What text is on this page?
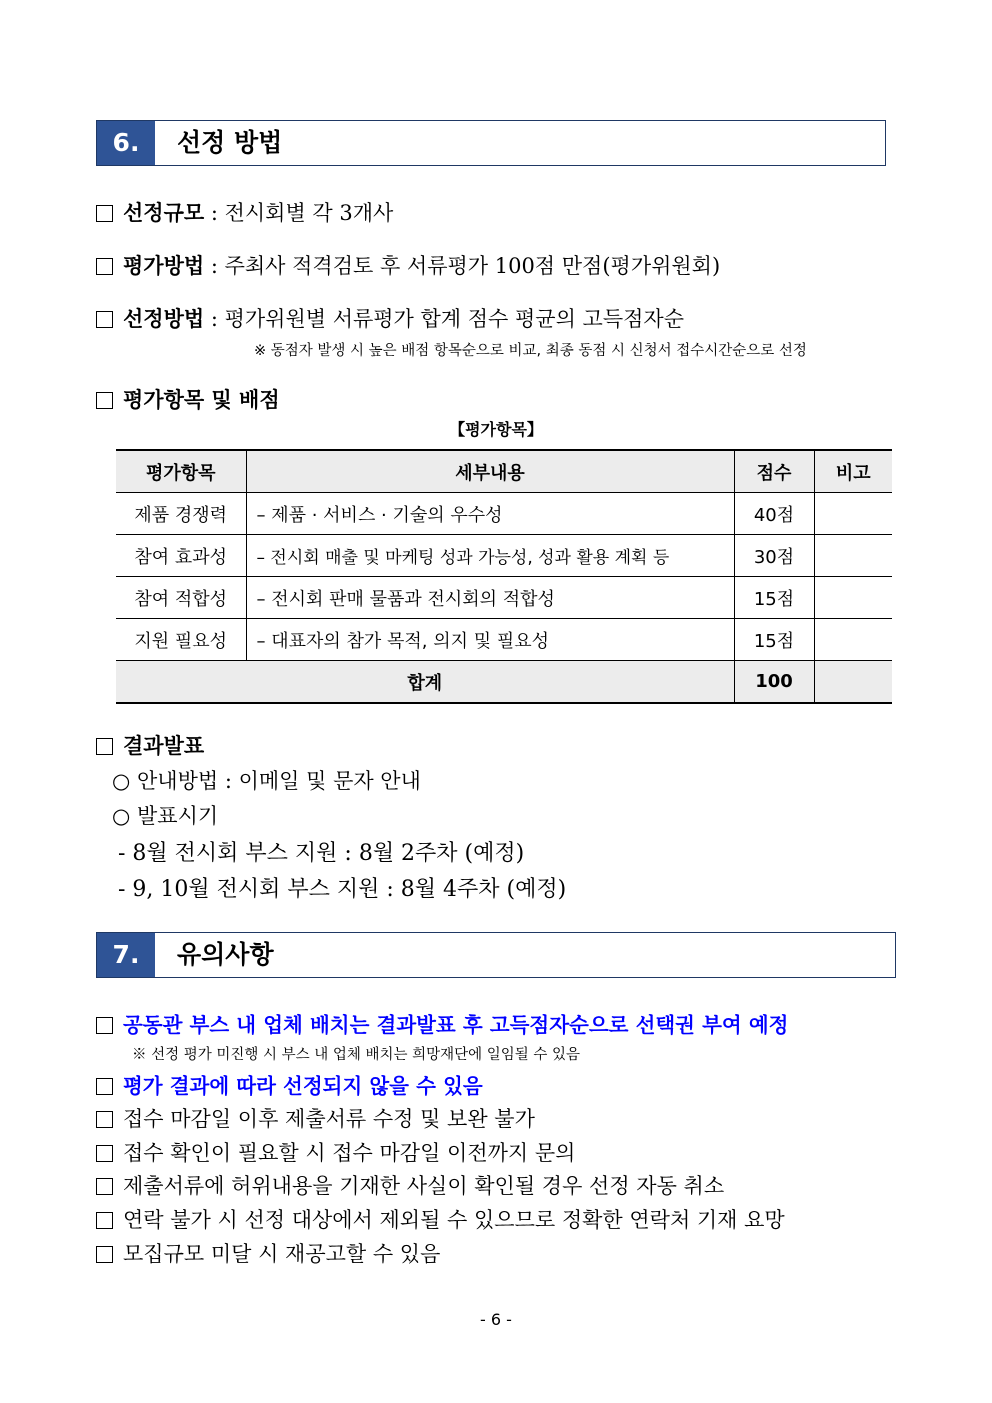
6.	선정 방법
선정규모 : 전시회별 각 3개사
평가방법 : 주최사 적격검토 후 서류평가 100점 만점(평가위원회)
선정방법 : 평가위원별 서류평가 합계 점수 평균의 고득점자순
※ 동점자 발생 시 높은 배점 항목순으로 비교, 최종 동점 시 신청서 접수시간순으로 선정
평가항목 및 배점
【평가항목】
평가항목	세부내용	점수	비고
제품 경쟁력	– 제품 · 서비스 · 기술의 우수성	40점	
참여 효과성	– 전시회 매출 및 마케팅 성과 가능성, 성과 활용 계획 등	30점	
참여 적합성	– 전시회 판매 물품과 전시회의 적합성	15점	
지원 필요성	– 대표자의 참가 목적, 의지 및 필요성	15점	
합계		100	
결과발표
○ 안내방법 : 이메일 및 문자 안내
○ 발표시기
- 8월 전시회 부스 지원 : 8월 2주차 (예정)
- 9, 10월 전시회 부스 지원 : 8월 4주차 (예정)
7.	유의사항
공동관 부스 내 업체 배치는 결과발표 후 고득점자순으로 선택권 부여 예정
※ 선정 평가 미진행 시 부스 내 업체 배치는 희망재단에 일임될 수 있음
평가 결과에 따라 선정되지 않을 수 있음
접수 마감일 이후 제출서류 수정 및 보완 불가
접수 확인이 필요할 시 접수 마감일 이전까지 문의
제출서류에 허위내용을 기재한 사실이 확인될 경우 선정 자동 취소
연락 불가 시 선정 대상에서 제외될 수 있으므로 정확한 연락처 기재 요망
모집규모 미달 시 재공고할 수 있음
- 6 -
